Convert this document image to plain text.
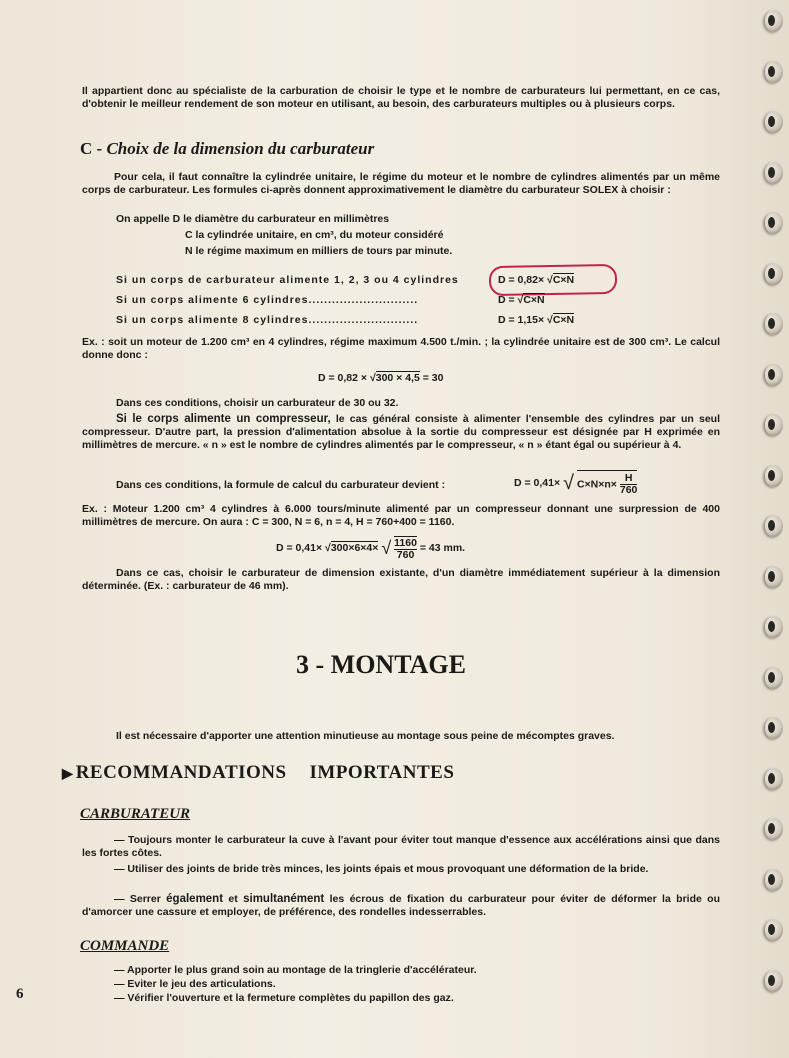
Il appartient donc au spécialiste de la carburation de choisir le type et le nombre de carburateurs lui permettant, en ce cas, d'obtenir le meilleur rendement de son moteur en utilisant, au besoin, des carburateurs multiples ou à plusieurs corps.

C - Choix de la dimension du carburateur

Pour cela, il faut connaître la cylindrée unitaire, le régime du moteur et le nombre de cylindres alimentés par un même corps de carburateur. Les formules ci-après donnent approximativement le diamètre du carburateur SOLEX à choisir :

On appelle D le diamètre du carburateur en millimètres
C la cylindrée unitaire, en cm³, du moteur considéré
N le régime maximum en milliers de tours par minute.
Si un corps de carburateur alimente 1, 2, 3 ou 4 cylindres	D = 0,82× √C×N
Si un corps alimente 6 cylindres............................	D = √C×N
Si un corps alimente 8 cylindres............................	D = 1,15× √C×N

Ex. : soit un moteur de 1.200 cm³ en 4 cylindres, régime maximum 4.500 t./min. ; la cylindrée unitaire est de 300 cm³. Le calcul donne donc :

D = 0,82 × √300 × 4,5 = 30
Dans ces conditions, choisir un carburateur de 30 ou 32.

Si le corps alimente un compresseur, le cas général consiste à alimenter l'ensemble des cylindres par un seul compresseur. D'autre part, la pression d'alimentation absolue à la sortie du compresseur est désignée par H exprimée en millimètres de mercure. « n » est le nombre de cylindres alimentés par le compresseur, « n » étant égal ou supérieur à 4.

Dans ces conditions, la formule de calcul du carburateur devient :	D = 0,41× √ $C\times N\times n\times \frac{H}{760}$

Ex. : Moteur 1.200 cm³ 4 cylindres à 6.000 tours/minute alimenté par un compresseur donnant une surpression de 400 millimètres de mercure. On aura : C = 300, N = 6, n = 4, H = 760+400 = 1160.

D = 0,41× √300×6×4× √ $\frac{1160}{760} = 43$ mm.

Dans ce cas, choisir le carburateur de dimension existante, d'un diamètre immédiatement supérieur à la dimension déterminée. (Ex. : carburateur de 46 mm).

3 - MONTAGE
Il est nécessaire d'apporter une attention minutieuse au montage sous peine de mécomptes graves.
▶ RECOMMANDATIONS IMPORTANTES
CARBURATEUR

— Toujours monter le carburateur la cuve à l'avant pour éviter tout manque d'essence aux accélérations ainsi que dans les fortes côtes.

— Utiliser des joints de bride très minces, les joints épais et mous provoquant une déformation de la bride.

— Serrer également et simultanément les écrous de fixation du carburateur pour éviter de déformer la bride ou d'amorcer une cassure et employer, de préférence, des rondelles indesserrables.

COMMANDE
— Apporter le plus grand soin au montage de la tringlerie d'accélérateur.
— Eviter le jeu des articulations.
— Vérifier l'ouverture et la fermeture complètes du papillon des gaz.
6
